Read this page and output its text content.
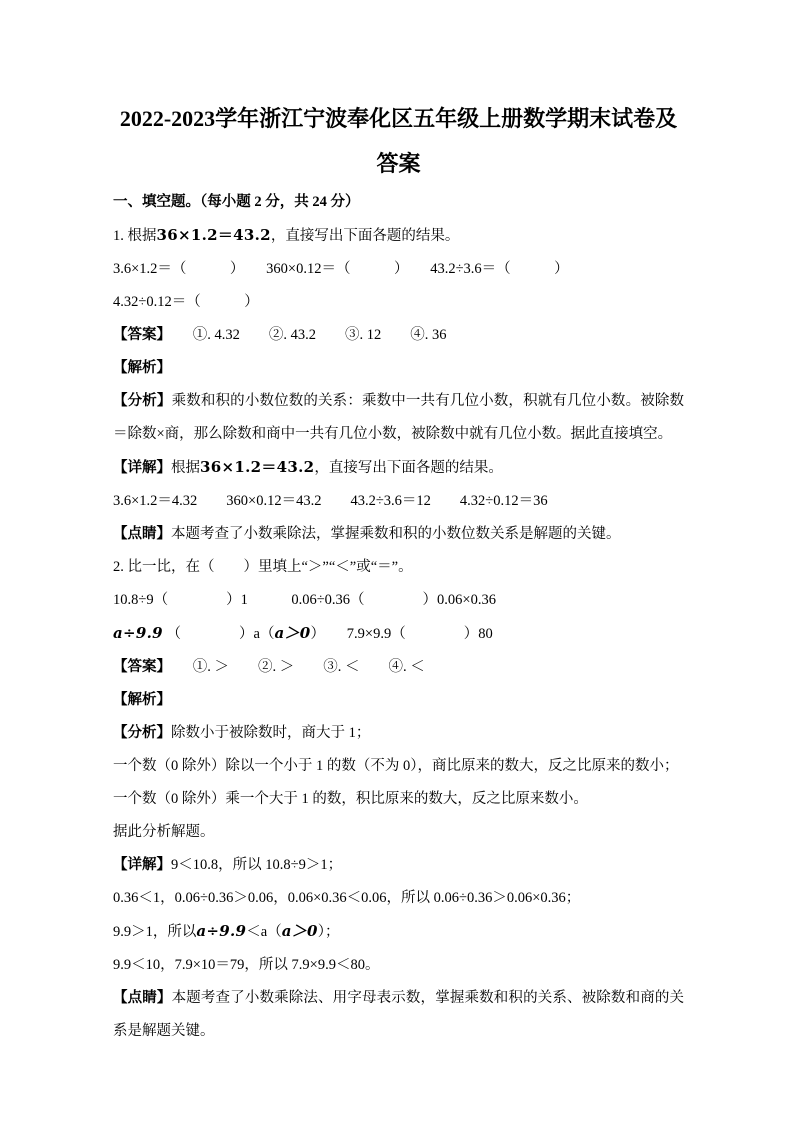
2022-2023学年浙江宁波奉化区五年级上册数学期末试卷及
答案

一、填空题。（每小题 2 分，共 24 分）

1. 根据36×1.2＝43.2，直接写出下面各题的结果。

3.6×1.2＝（　　　）　　360×0.12＝（　　　）　　43.2÷3.6＝（　　　）

4.32÷0.12＝（　　　）

【答案】　　①. 4.32　　②. 43.2　　③. 12　　④. 36

【解析】

【分析】乘数和积的小数位数的关系：乘数中一共有几位小数，积就有几位小数。被除数＝除数×商，那么除数和商中一共有几位小数，被除数中就有几位小数。据此直接填空。

【详解】根据36×1.2＝43.2，直接写出下面各题的结果。

3.6×1.2＝4.32　　360×0.12＝43.2　　43.2÷3.6＝12　　4.32÷0.12＝36

【点睛】本题考查了小数乘除法，掌握乘数和积的小数位数关系是解题的关键。

2. 比一比，在（　　）里填上“＞”“＜”或“＝”。

10.8÷9（　　　　）1　　　0.06÷0.36（　　　　）0.06×0.36

a÷9.9 （　　　　）a（a＞0）　　7.9×9.9（　　　　）80

【答案】　　①. ＞　　②. ＞　　③. ＜　　④. ＜

【解析】

【分析】除数小于被除数时，商大于 1；

一个数（0 除外）除以一个小于 1 的数（不为 0），商比原来的数大，反之比原来的数小；

一个数（0 除外）乘一个大于 1 的数，积比原来的数大，反之比原来数小。

据此分析解题。

【详解】9＜10.8，所以 10.8÷9＞1；

0.36＜1，0.06÷0.36＞0.06，0.06×0.36＜0.06，所以 0.06÷0.36＞0.06×0.36；

9.9＞1，所以a÷9.9＜a（a＞0）；

9.9＜10，7.9×10＝79，所以 7.9×9.9＜80。

【点睛】本题考查了小数乘除法、用字母表示数，掌握乘数和积的关系、被除数和商的关系是解题关键。
